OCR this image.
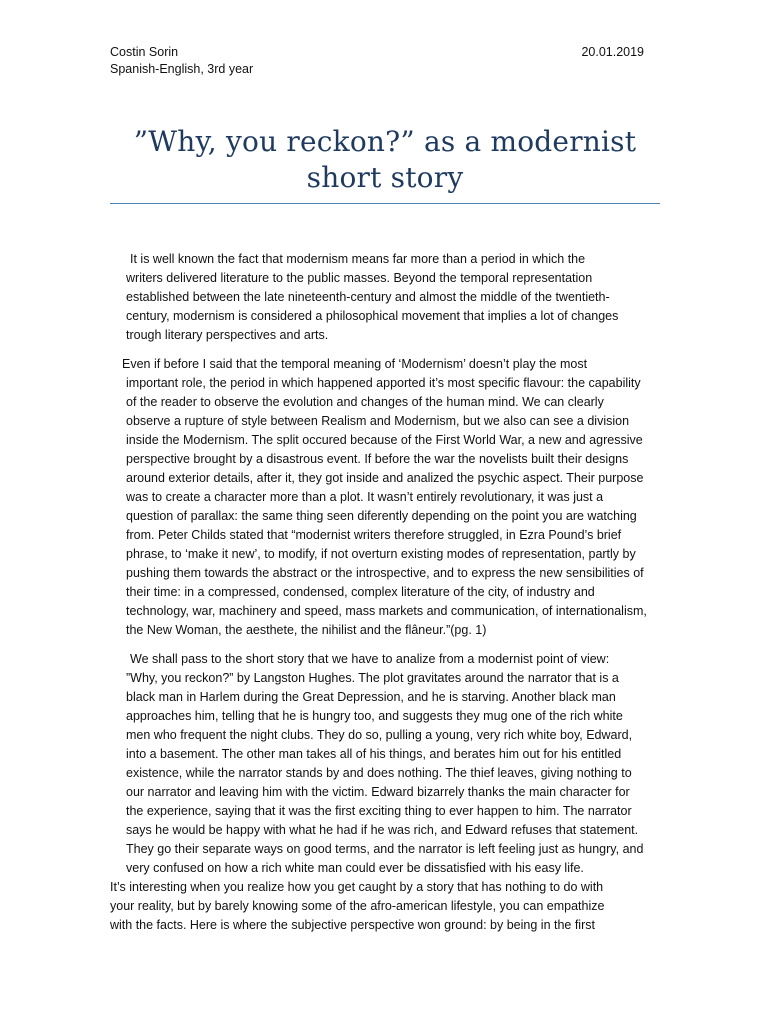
Costin Sorin
Spanish-English, 3rd year
20.01.2019
”Why, you reckon?” as a modernist
short story
It is well known the fact that modernism means far more than a period in which the
writers delivered literature to the public masses. Beyond the temporal representation
established between the late nineteenth-century and almost the middle of the twentieth-
century, modernism is considered a philosophical movement that implies a lot of changes
trough literary perspectives and arts.
Even if before I said that the temporal meaning of ‘Modernism’ doesn’t play the most
important role, the period in which happened apported it’s most specific flavour: the capability
of the reader to observe the evolution and changes of the human mind. We can clearly
observe a rupture of style between Realism and Modernism, but we also can see a division
inside the Modernism. The split occured because of the First World War, a new and agressive
perspective brought by a disastrous event. If before the war the novelists built their designs
around exterior details, after it, they got inside and analized the psychic aspect. Their purpose
was to create a character more than a plot. It wasn’t entirely revolutionary, it was just a
question of parallax: the same thing seen diferently depending on the point you are watching
from. Peter Childs stated that “modernist writers therefore struggled, in Ezra Pound’s brief
phrase, to ‘make it new’, to modify, if not overturn existing modes of representation, partly by
pushing them towards the abstract or the introspective, and to express the new sensibilities of
their time: in a compressed, condensed, complex literature of the city, of industry and
technology, war, machinery and speed, mass markets and communication, of internationalism,
the New Woman, the aesthete, the nihilist and the flâneur.”(pg. 1)
We shall pass to the short story that we have to analize from a modernist point of view:
”Why, you reckon?” by Langston Hughes. The plot gravitates around the narrator that is a
black man in Harlem during the Great Depression, and he is starving. Another black man
approaches him, telling that he is hungry too, and suggests they mug one of the rich white
men who frequent the night clubs. They do so, pulling a young, very rich white boy, Edward,
into a basement. The other man takes all of his things, and berates him out for his entitled
existence, while the narrator stands by and does nothing. The thief leaves, giving nothing to
our narrator and leaving him with the victim. Edward bizarrely thanks the main character for
the experience, saying that it was the first exciting thing to ever happen to him. The narrator
says he would be happy with what he had if he was rich, and Edward refuses that statement.
They go their separate ways on good terms, and the narrator is left feeling just as hungry, and
very confused on how a rich white man could ever be dissatisfied with his easy life.
It’s interesting when you realize how you get caught by a story that has nothing to do with
your reality, but by barely knowing some of the afro-american lifestyle, you can empathize
with the facts. Here is where the subjective perspective won ground: by being in the first
